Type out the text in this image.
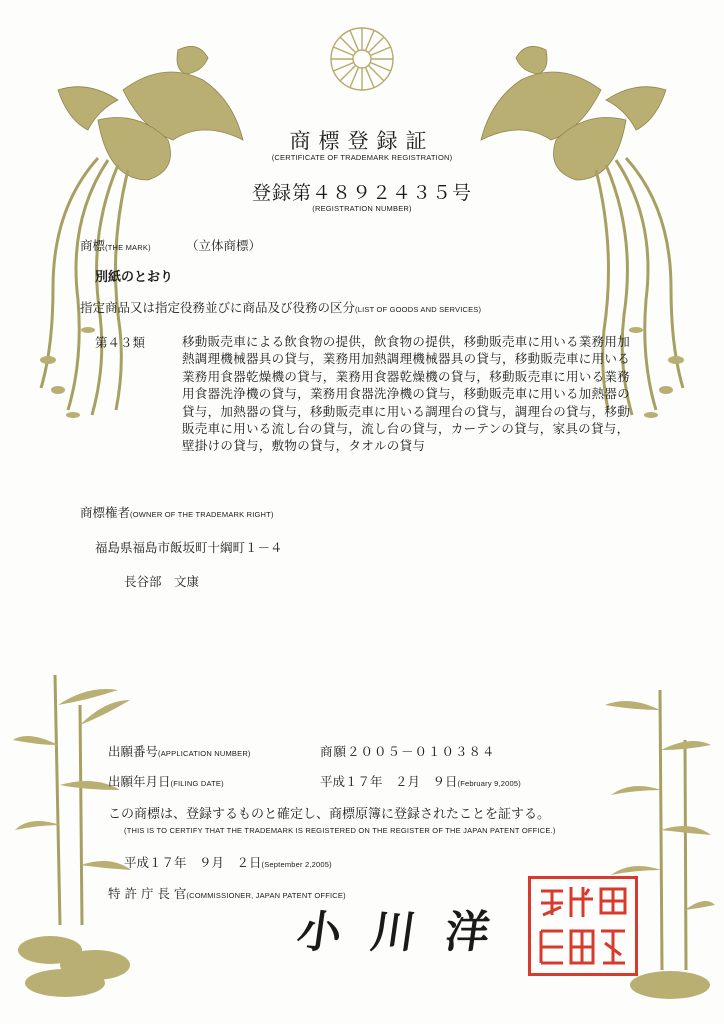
商標登録証
(CERTIFICATE OF TRADEMARK REGISTRATION)
登録第４８９２４３５号
(REGISTRATION NUMBER)
商標(THE MARK)	（立体商標）
別紙のとおり
指定商品又は指定役務並びに商品及び役務の区分(LIST OF GOODS AND SERVICES)
第４３類	移動販売車による飲食物の提供，飲食物の提供，移動販売車に用いる業務用加熱調理機械器具の貸与，業務用加熱調理機械器具の貸与，移動販売車に用いる業務用食器乾燥機の貸与，業務用食器乾燥機の貸与，移動販売車に用いる業務用食器洗浄機の貸与，業務用食器洗浄機の貸与，移動販売車に用いる加熱器の貸与，加熱器の貸与，移動販売車に用いる調理台の貸与，調理台の貸与，移動販売車に用いる流し台の貸与，流し台の貸与，カーテンの貸与，家具の貸与，壁掛けの貸与，敷物の貸与，タオルの貸与
商標権者(OWNER OF THE TRADEMARK RIGHT)
福島県福島市飯坂町十綱町１－４
長谷部　文康
出願番号(APPLICATION NUMBER)	商願２００５－０１０３８４
出願年月日(FILING DATE)	平成１７年　２月　９日(February 9,2005)
この商標は、登録するものと確定し、商標原簿に登録されたことを証する。
(THIS IS TO CERTIFY THAT THE TRADEMARK IS REGISTERED ON THE REGISTER OF THE JAPAN PATENT OFFICE.)
平成１７年　９月　２日(September 2,2005)
特 許 庁 長 官(COMMISSIONER, JAPAN PATENT OFFICE)
小川洋
